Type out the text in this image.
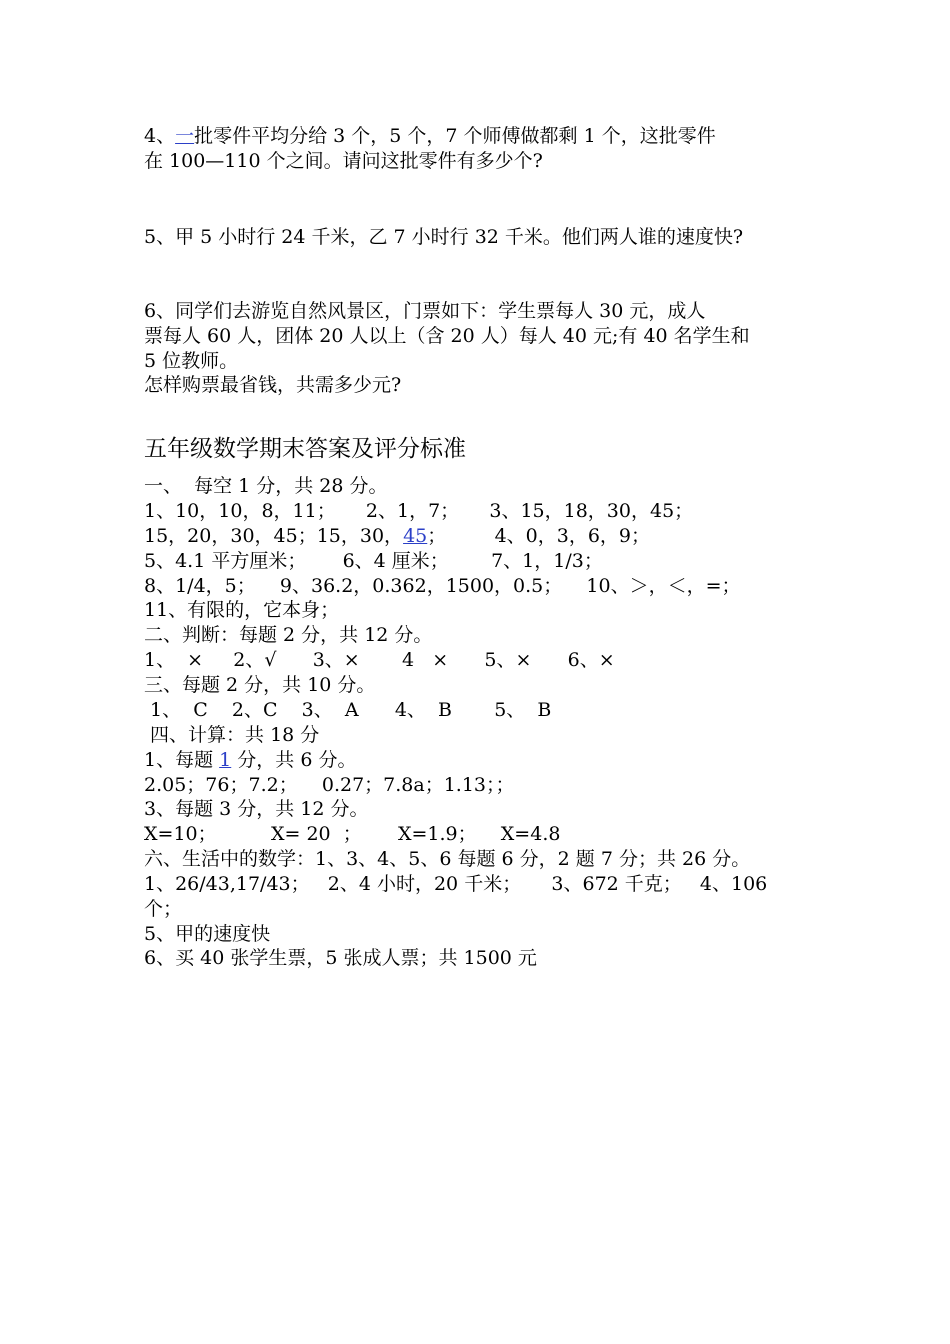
4、一批零件平均分给 3 个，5 个，7 个师傅做都剩 1 个，这批零件
在 100—110 个之间。请问这批零件有多少个?
5、甲 5 小时行 24 千米，乙 7 小时行 32 千米。他们两人谁的速度快?
6、同学们去游览自然风景区，门票如下：学生票每人 30 元，成人
票每人 60 人，团体 20 人以上（含 20 人）每人 40 元;有 40 名学生和
5 位教师。
怎样购票最省钱，共需多少元?
五年级数学期末答案及评分标准
一、  每空 1 分，共 28 分。
1、10，10，8，11；     2、1，7；     3、15，18，30，45；
15，20，30，45；15，30，45；        4、0，3，6，9；
5、4.1 平方厘米；      6、4 厘米；       7、1，1/3；
8、1/4，5；    9、36.2，0.362，1500，0.5；    10、＞，＜，=；
11、有限的，它本身；
二、判断：每题 2 分，共 12 分。
1、  ×     2、√      3、×       4   ×      5、×      6、×
三、每题 2 分，共 10 分。
1、  C    2、C    3、  A      4、  B       5、  B
四、计算：共 18 分
1、每题 1 分，共 6 分。
2.05；76；7.2；    0.27；7.8a；1.13；；
3、每题 3 分，共 12 分。
X=10；         X= 20  ；      X=1.9；    X=4.8
六、生活中的数学：1、3、4、5、6 每题 6 分，2 题 7 分；共 26 分。
1、26/43,17/43；   2、4 小时，20 千米；     3、672 千克；   4、106
个；
5、甲的速度快
6、买 40 张学生票，5 张成人票；共 1500 元
